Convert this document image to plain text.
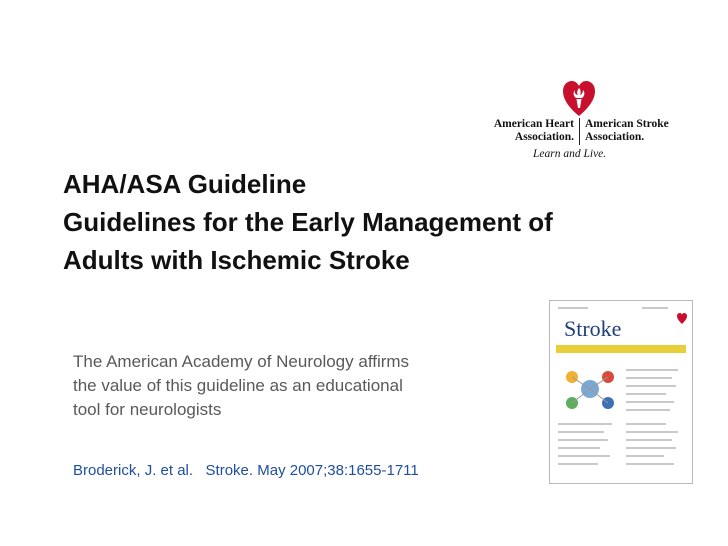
American Heart
Association.
American Stroke
Association.
Learn and Live.
AHA/ASA Guideline
Guidelines for the Early Management of
Adults with Ischemic Stroke

The American Academy of Neurology affirms
the value of this guideline as an educational
tool for neurologists

Broderick, J. et al.   Stroke. May 2007;38:1655-1711

Stroke
